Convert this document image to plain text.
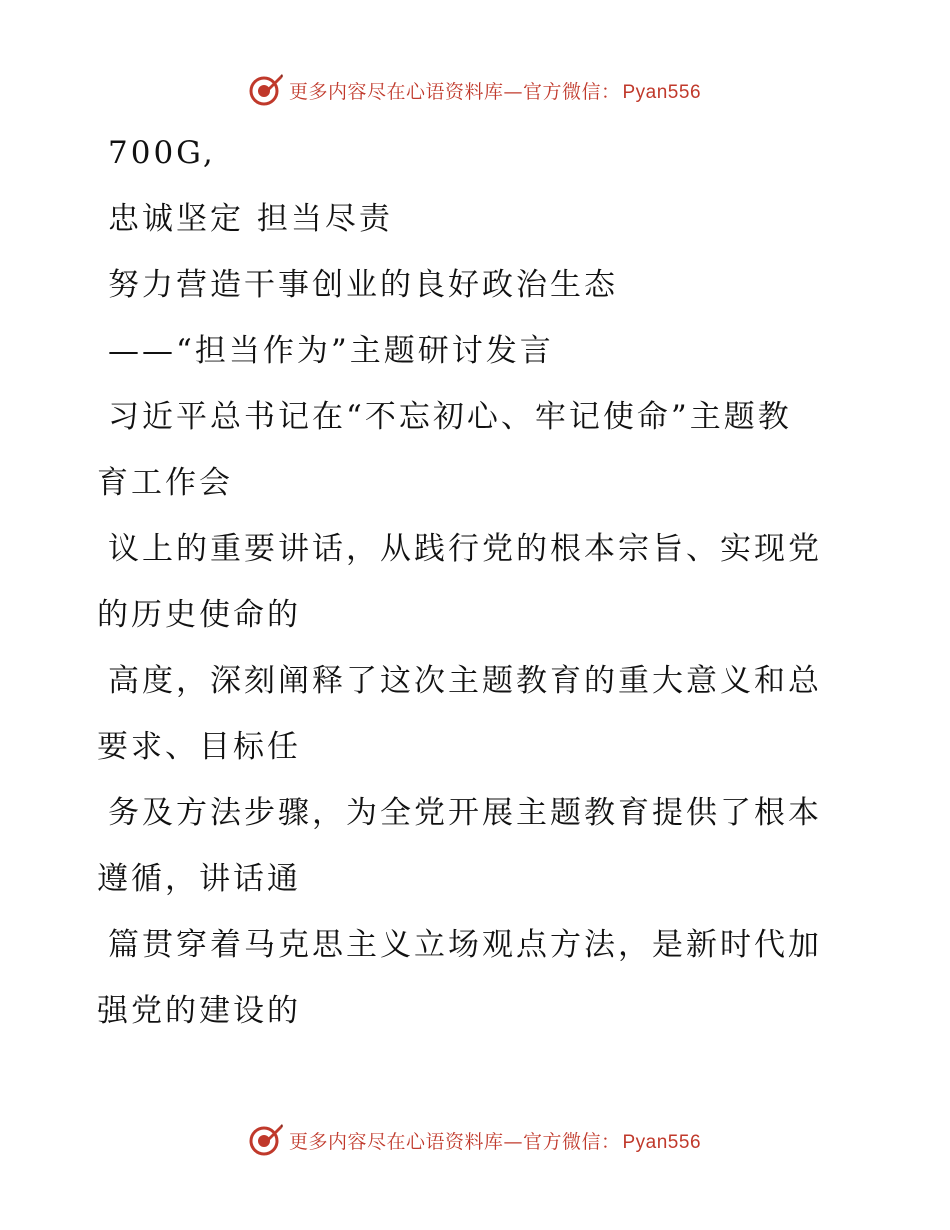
更多内容尽在心语资料库—官方微信： Pyan556

700G,

忠诚坚定 担当尽责

努力营造干事创业的良好政治生态

——“担当作为”主题研讨发言

习近平总书记在“不忘初心、牢记使命”主题教
育工作会
议上的重要讲话，从践行党的根本宗旨、实现党
的历史使命的
高度，深刻阐释了这次主题教育的重大意义和总
要求、目标任
务及方法步骤，为全党开展主题教育提供了根本
遵循，讲话通
篇贯穿着马克思主义立场观点方法，是新时代加
强党的建设的
更多内容尽在心语资料库—官方微信： Pyan556
